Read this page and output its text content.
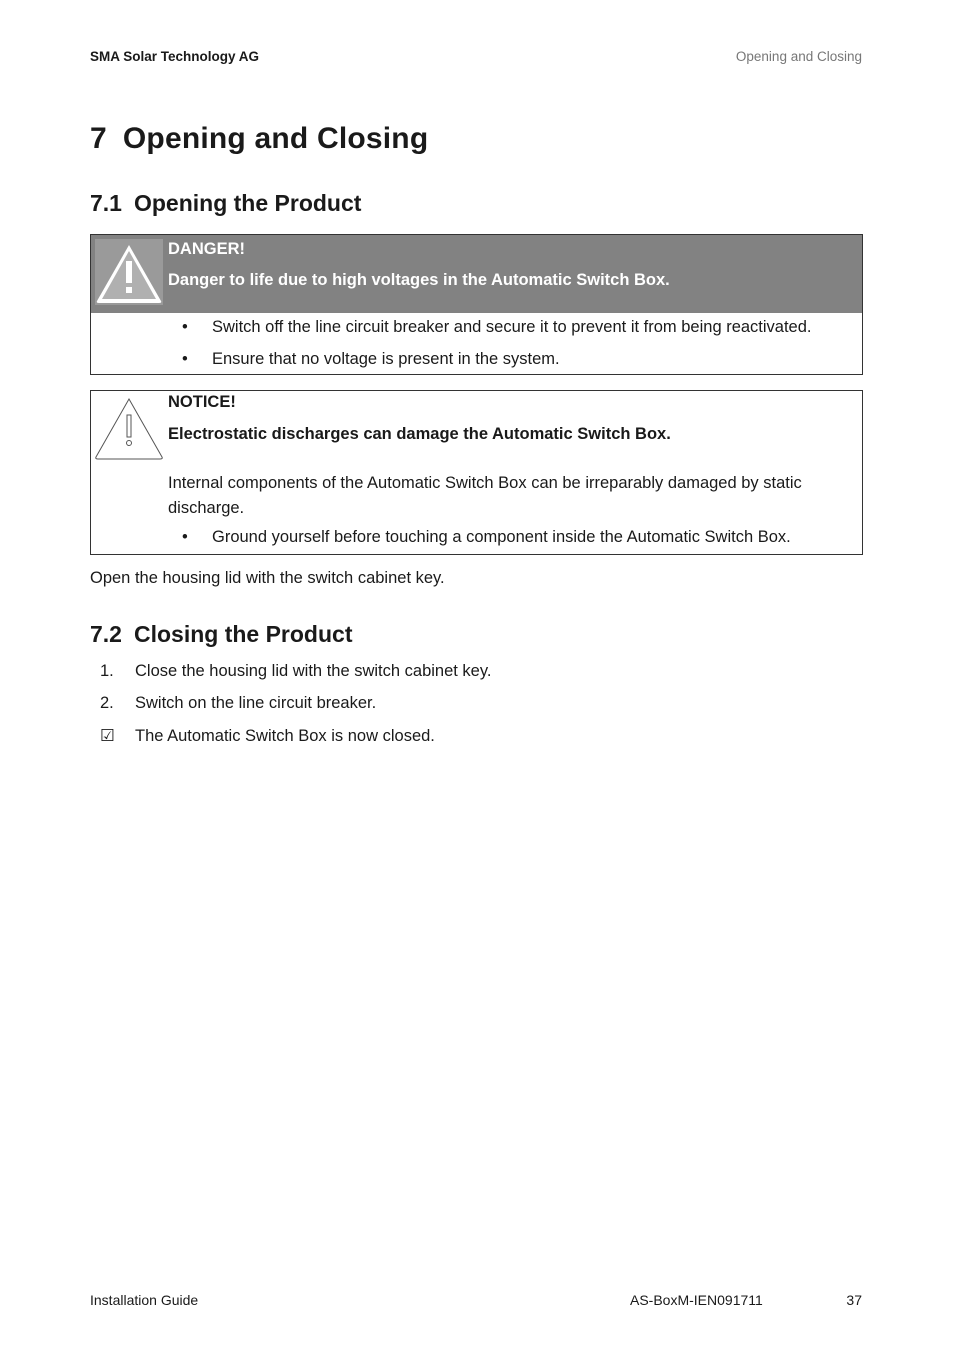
SMA Solar Technology AG	Opening and Closing
7 Opening and Closing
7.1 Opening the Product
DANGER!
Danger to life due to high voltages in the Automatic Switch Box.
• Switch off the line circuit breaker and secure it to prevent it from being reactivated.
• Ensure that no voltage is present in the system.
NOTICE!
Electrostatic discharges can damage the Automatic Switch Box.
Internal components of the Automatic Switch Box can be irreparably damaged by static discharge.
• Ground yourself before touching a component inside the Automatic Switch Box.
Open the housing lid with the switch cabinet key.
7.2 Closing the Product
1. Close the housing lid with the switch cabinet key.
2. Switch on the line circuit breaker.
☑ The Automatic Switch Box is now closed.
Installation Guide	AS-BoxM-IEN091711	37
